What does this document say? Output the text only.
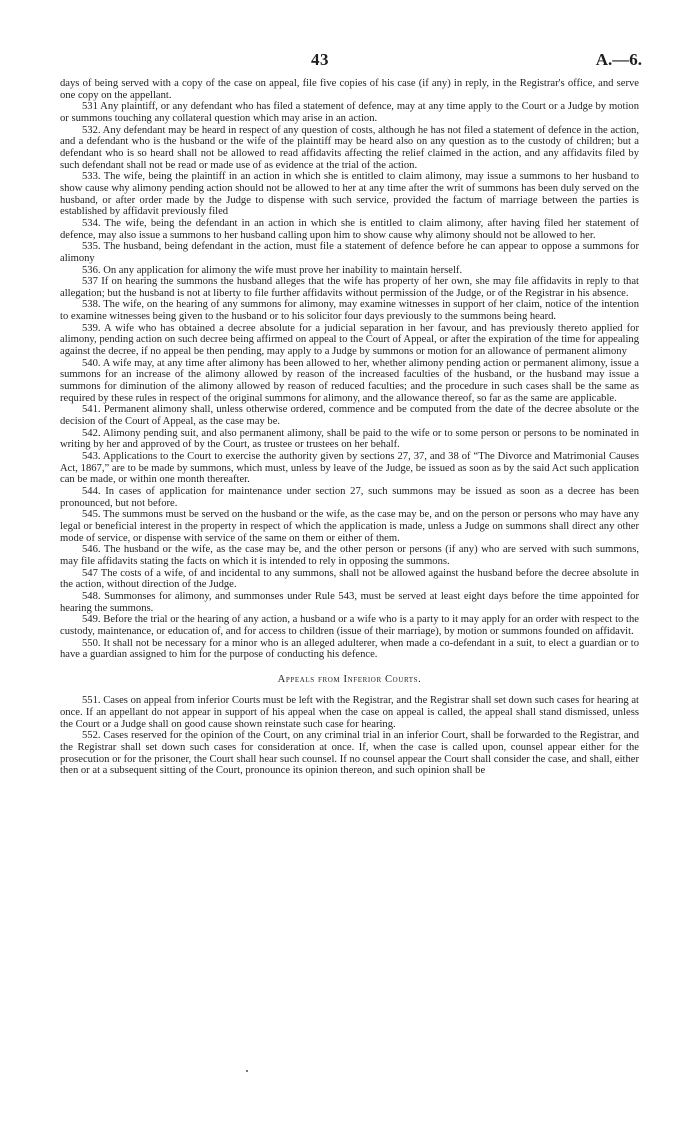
43	A.—6.

days of being served with a copy of the case on appeal, file five copies of his case (if any) in reply, in the Registrar's office, and serve one copy on the appellant.

531 Any plaintiff, or any defendant who has filed a statement of defence, may at any time apply to the Court or a Judge by motion or summons touching any collateral question which may arise in an action.

532. Any defendant may be heard in respect of any question of costs, although he has not filed a statement of defence in the action, and a defendant who is the husband or the wife of the plaintiff may be heard also on any question as to the custody of children; but a defendant who is so heard shall not be allowed to read affidavits affecting the relief claimed in the action, and any affidavits filed by such defendant shall not be read or made use of as evidence at the trial of the action.

533. The wife, being the plaintiff in an action in which she is entitled to claim alimony, may issue a summons to her husband to show cause why alimony pending action should not be allowed to her at any time after the writ of summons has been duly served on the husband, or after order made by the Judge to dispense with such service, provided the factum of marriage between the parties is established by affidavit previously filed

534. The wife, being the defendant in an action in which she is entitled to claim alimony, after having filed her statement of defence, may also issue a summons to her husband calling upon him to show cause why alimony should not be allowed to her.

535. The husband, being defendant in the action, must file a statement of defence before he can appear to oppose a summons for alimony

536. On any application for alimony the wife must prove her inability to maintain herself.

537 If on hearing the summons the husband alleges that the wife has property of her own, she may file affidavits in reply to that allegation; but the husband is not at liberty to file further affidavits without permission of the Judge, or of the Registrar in his absence.

538. The wife, on the hearing of any summons for alimony, may examine witnesses in support of her claim, notice of the intention to examine witnesses being given to the husband or to his solicitor four days previously to the summons being heard.

539. A wife who has obtained a decree absolute for a judicial separation in her favour, and has previously thereto applied for alimony, pending action on such decree being affirmed on appeal to the Court of Appeal, or after the expiration of the time for appealing against the decree, if no appeal be then pending, may apply to a Judge by summons or motion for an allowance of permanent alimony

540. A wife may, at any time after alimony has been allowed to her, whether alimony pending action or permanent alimony, issue a summons for an increase of the alimony allowed by reason of the increased faculties of the husband, or the husband may issue a summons for diminution of the alimony allowed by reason of reduced faculties; and the procedure in such cases shall be the same as required by these rules in respect of the original summons for alimony, and the allowance thereof, so far as the same are applicable.

541. Permanent alimony shall, unless otherwise ordered, commence and be computed from the date of the decree absolute or the decision of the Court of Appeal, as the case may be.

542. Alimony pending suit, and also permanent alimony, shall be paid to the wife or to some person or persons to be nominated in writing by her and approved of by the Court, as trustee or trustees on her behalf.

543. Applications to the Court to exercise the authority given by sections 27, 37, and 38 of “The Divorce and Matrimonial Causes Act, 1867,” are to be made by summons, which must, unless by leave of the Judge, be issued as soon as by the said Act such application can be made, or within one month thereafter.

544. In cases of application for maintenance under section 27, such summons may be issued as soon as a decree has been pronounced, but not before.

545. The summons must be served on the husband or the wife, as the case may be, and on the person or persons who may have any legal or beneficial interest in the property in respect of which the application is made, unless a Judge on summons shall direct any other mode of service, or dispense with service of the same on them or either of them.

546. The husband or the wife, as the case may be, and the other person or persons (if any) who are served with such summons, may file affidavits stating the facts on which it is intended to rely in opposing the summons.

547 The costs of a wife, of and incidental to any summons, shall not be allowed against the husband before the decree absolute in the action, without direction of the Judge.

548. Summonses for alimony, and summonses under Rule 543, must be served at least eight days before the time appointed for hearing the summons.

549. Before the trial or the hearing of any action, a husband or a wife who is a party to it may apply for an order with respect to the custody, maintenance, or education of, and for access to children (issue of their marriage), by motion or summons founded on affidavit.

550. It shall not be necessary for a minor who is an alleged adulterer, when made a co-defendant in a suit, to elect a guardian or to have a guardian assigned to him for the purpose of conducting his defence.

Appeals from Inferior Courts.

551. Cases on appeal from inferior Courts must be left with the Registrar, and the Registrar shall set down such cases for hearing at once. If an appellant do not appear in support of his appeal when the case on appeal is called, the appeal shall stand dismissed, unless the Court or a Judge shall on good cause shown reinstate such case for hearing.

552. Cases reserved for the opinion of the Court, on any criminal trial in an inferior Court, shall be forwarded to the Registrar, and the Registrar shall set down such cases for consideration at once. If, when the case is called upon, counsel appear either for the prosecution or for the prisoner, the Court shall hear such counsel. If no counsel appear the Court shall consider the case, and shall, either then or at a subsequent sitting of the Court, pronounce its opinion thereon, and such opinion shall be
